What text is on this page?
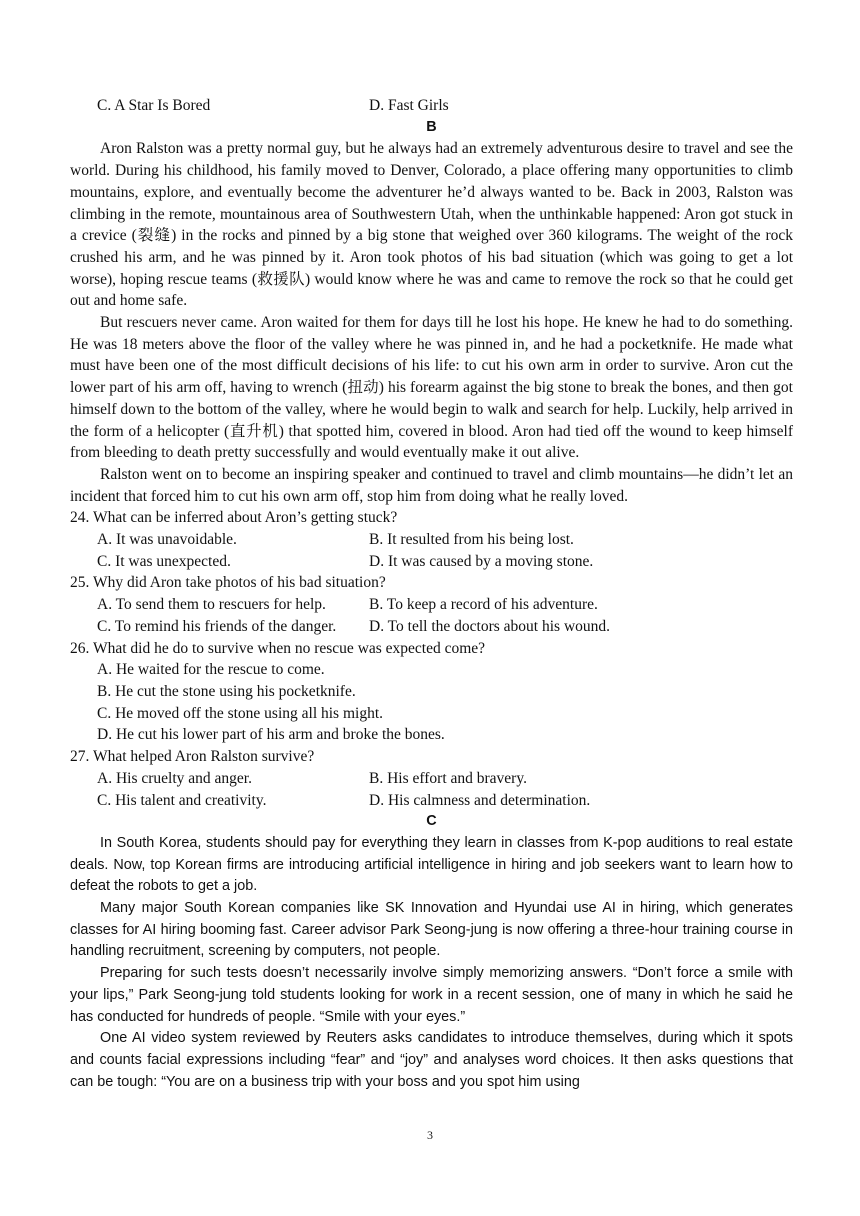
C. A Star Is Bored	D. Fast Girls

B

Aron Ralston was a pretty normal guy, but he always had an extremely adventurous desire to travel and see the world. During his childhood, his family moved to Denver, Colorado, a place offering many opportunities to climb mountains, explore, and eventually become the adventurer he’d always wanted to be. Back in 2003, Ralston was climbing in the remote, mountainous area of Southwestern Utah, when the unthinkable happened: Aron got stuck in a crevice (裂缝) in the rocks and pinned by a big stone that weighed over 360 kilograms. The weight of the rock crushed his arm, and he was pinned by it. Aron took photos of his bad situation (which was going to get a lot worse), hoping rescue teams (救援队) would know where he was and came to remove the rock so that he could get out and home safe.

But rescuers never came. Aron waited for them for days till he lost his hope. He knew he had to do something. He was 18 meters above the floor of the valley where he was pinned in, and he had a pocketknife. He made what must have been one of the most difficult decisions of his life: to cut his own arm in order to survive. Aron cut the lower part of his arm off, having to wrench (扭动) his forearm against the big stone to break the bones, and then got himself down to the bottom of the valley, where he would begin to walk and search for help. Luckily, help arrived in the form of a helicopter (直升机) that spotted him, covered in blood. Aron had tied off the wound to keep himself from bleeding to death pretty successfully and would eventually make it out alive.

Ralston went on to become an inspiring speaker and continued to travel and climb mountains—he didn’t let an incident that forced him to cut his own arm off, stop him from doing what he really loved.

24. What can be inferred about Aron’s getting stuck?

A. It was unavoidable.	B. It resulted from his being lost.
C. It was unexpected.	D. It was caused by a moving stone.

25. Why did Aron take photos of his bad situation?

A. To send them to rescuers for help.	B. To keep a record of his adventure.
C. To remind his friends of the danger.	D. To tell the doctors about his wound.

26. What did he do to survive when no rescue was expected come?

A. He waited for the rescue to come.

B. He cut the stone using his pocketknife.

C. He moved off the stone using all his might.

D. He cut his lower part of his arm and broke the bones.

27. What helped Aron Ralston survive?

A. His cruelty and anger.	B. His effort and bravery.
C. His talent and creativity.	D. His calmness and determination.

C

In South Korea, students should pay for everything they learn in classes from K-pop auditions to real estate deals. Now, top Korean firms are introducing artificial intelligence in hiring and job seekers want to learn how to defeat the robots to get a job.

Many major South Korean companies like SK Innovation and Hyundai use AI in hiring, which generates classes for AI hiring booming fast. Career advisor Park Seong-jung is now offering a three-hour training course in handling recruitment, screening by computers, not people.

Preparing for such tests doesn’t necessarily involve simply memorizing answers. “Don’t force a smile with your lips,” Park Seong-jung told students looking for work in a recent session, one of many in which he said he has conducted for hundreds of people. “Smile with your eyes.”

One AI video system reviewed by Reuters asks candidates to introduce themselves, during which it spots and counts facial expressions including “fear” and “joy” and analyses word choices. It then asks questions that can be tough: “You are on a business trip with your boss and you spot him using

3
